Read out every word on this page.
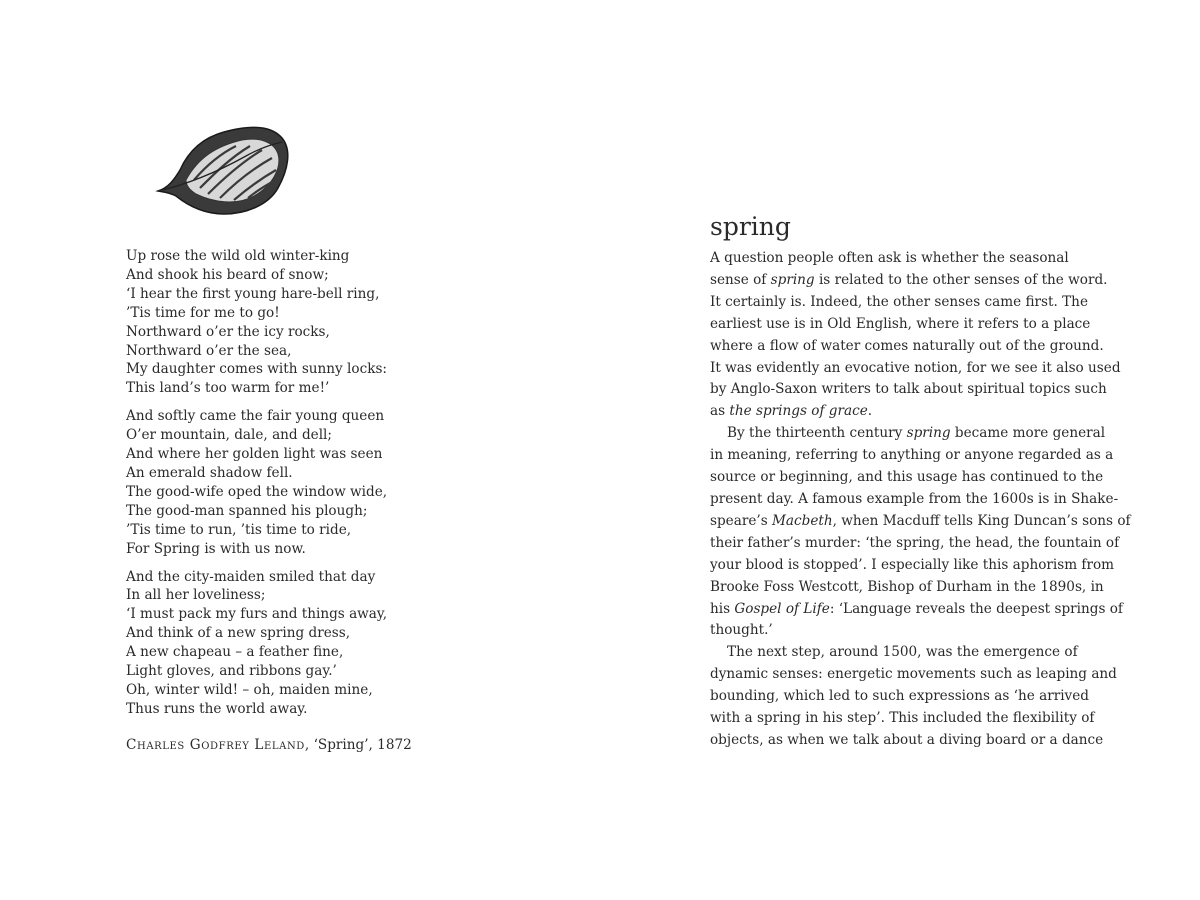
Up rose the wild old winter-king
And shook his beard of snow;
‘I hear the first young hare-bell ring,
’Tis time for me to go!
Northward o’er the icy rocks,
Northward o’er the sea,
My daughter comes with sunny locks:
This land’s too warm for me!’
And softly came the fair young queen
O’er mountain, dale, and dell;
And where her golden light was seen
An emerald shadow fell.
The good-wife oped the window wide,
The good-man spanned his plough;
’Tis time to run, ’tis time to ride,
For Spring is with us now.
And the city-maiden smiled that day
In all her loveliness;
‘I must pack my furs and things away,
And think of a new spring dress,
A new chapeau – a feather fine,
Light gloves, and ribbons gay.’
Oh, winter wild! – oh, maiden mine,
Thus runs the world away.
Charles Godfrey Leland, ‘Spring’, 1872
spring

A question people often ask is whether the seasonal
sense of spring is related to the other senses of the word.
It certainly is. Indeed, the other senses came first. The
earliest use is in Old English, where it refers to a place
where a flow of water comes naturally out of the ground.
It was evidently an evocative notion, for we see it also used
by Anglo-Saxon writers to talk about spiritual topics such
as the springs of grace.

By the thirteenth century spring became more general
in meaning, referring to anything or anyone regarded as a
source or beginning, and this usage has continued to the
present day. A famous example from the 1600s is in Shake-
speare’s Macbeth, when Macduff tells King Duncan’s sons of
their father’s murder: ‘the spring, the head, the fountain of
your blood is stopped’. I especially like this aphorism from
Brooke Foss Westcott, Bishop of Durham in the 1890s, in
his Gospel of Life: ‘Language reveals the deepest springs of
thought.’

The next step, around 1500, was the emergence of
dynamic senses: energetic movements such as leaping and
bounding, which led to such expressions as ‘he arrived
with a spring in his step’. This included the flexibility of
objects, as when we talk about a diving board or a dance
